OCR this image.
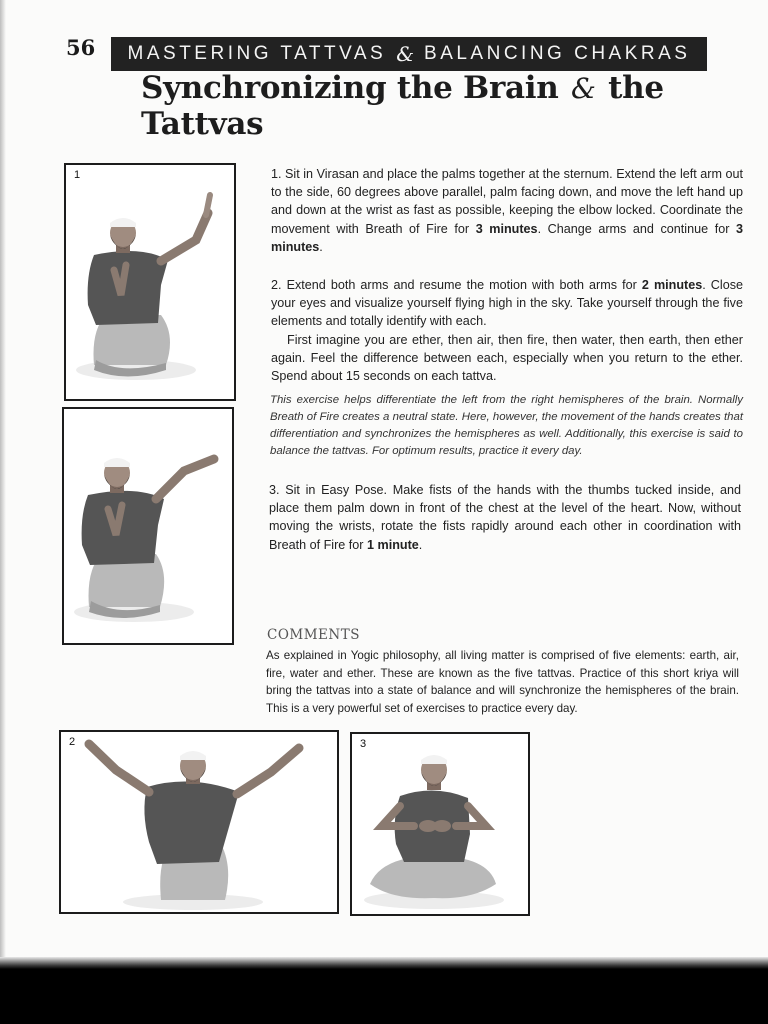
56 MASTERING TATTVAS & BALANCING CHAKRAS
Synchronizing the Brain & the Tattvas
1
2	3

1. Sit in Virasan and place the palms together at the sternum. Extend the left arm out to the side, 60 degrees above parallel, palm facing down, and move the left hand up and down at the wrist as fast as possible, keeping the elbow locked. Coordinate the movement with Breath of Fire for 3 minutes. Change arms and continue for 3 minutes.

2. Extend both arms and resume the motion with both arms for 2 minutes. Close your eyes and visualize yourself flying high in the sky. Take yourself through the five elements and totally identify with each.

First imagine you are ether, then air, then fire, then water, then earth, then ether again. Feel the difference between each, especially when you return to the ether. Spend about 15 seconds on each tattva.

This exercise helps differentiate the left from the right hemispheres of the brain. Normally Breath of Fire creates a neutral state. Here, however, the movement of the hands creates that differentiation and synchronizes the hemispheres as well. Additionally, this exercise is said to balance the tattvas. For optimum results, practice it every day.

3. Sit in Easy Pose. Make fists of the hands with the thumbs tucked inside, and place them palm down in front of the chest at the level of the heart. Now, without moving the wrists, rotate the fists rapidly around each other in coordination with Breath of Fire for 1 minute.

COMMENTS

As explained in Yogic philosophy, all living matter is comprised of five elements: earth, air, fire, water and ether. These are known as the five tattvas. Practice of this short kriya will bring the tattvas into a state of balance and will synchronize the hemispheres of the brain. This is a very powerful set of exercises to practice every day.
